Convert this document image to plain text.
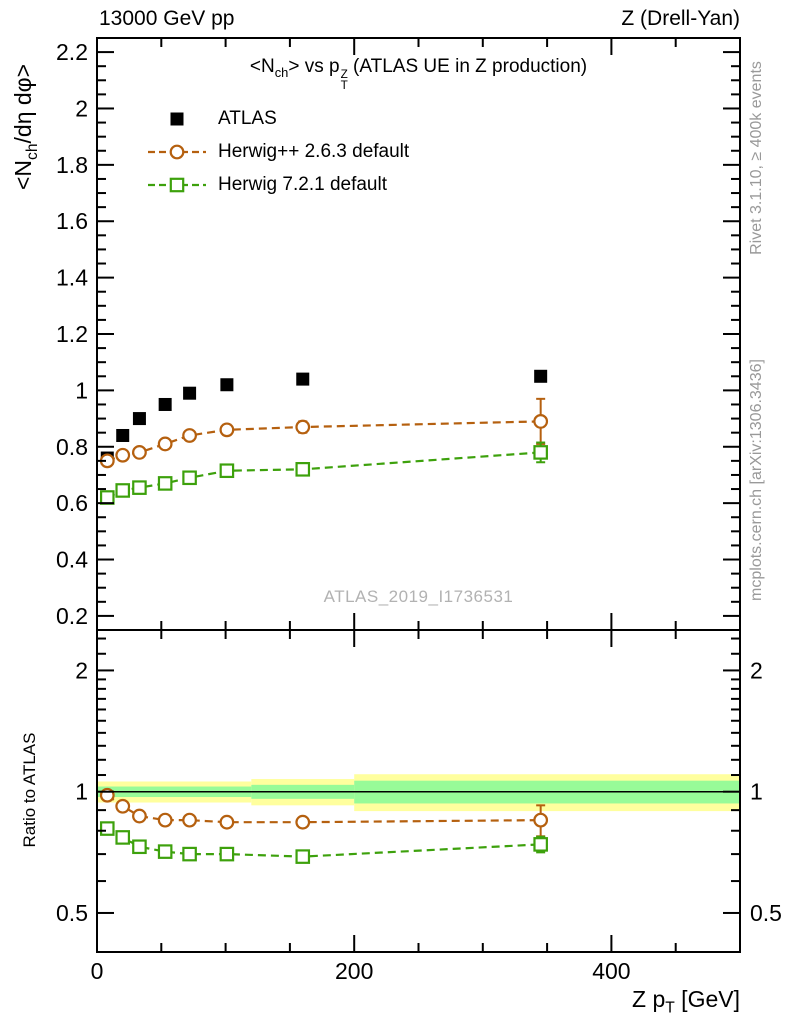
0.2
0.4
0.6
0.8
1
1.2
1.4
1.6
1.8
2
2.2
0.5	0.5
1	1
2	2
0	200	400
13000 GeV pp	Z (Drell-Yan)
$<N_{ch}>$ vs p Z
T
(ATLAS UE in Z production)
ATLAS
Herwig++ 2.6.3 default
Herwig 7.2.1 default
$<N_{ch}/d\eta$ dφ>
Ratio to ATLAS
Rivet 3.1.10, ≥ 400k events
mcplots.cern.ch [arXiv:1306.3436]
ATLAS_2019_I1736531
Z $p_T$ [GeV]
